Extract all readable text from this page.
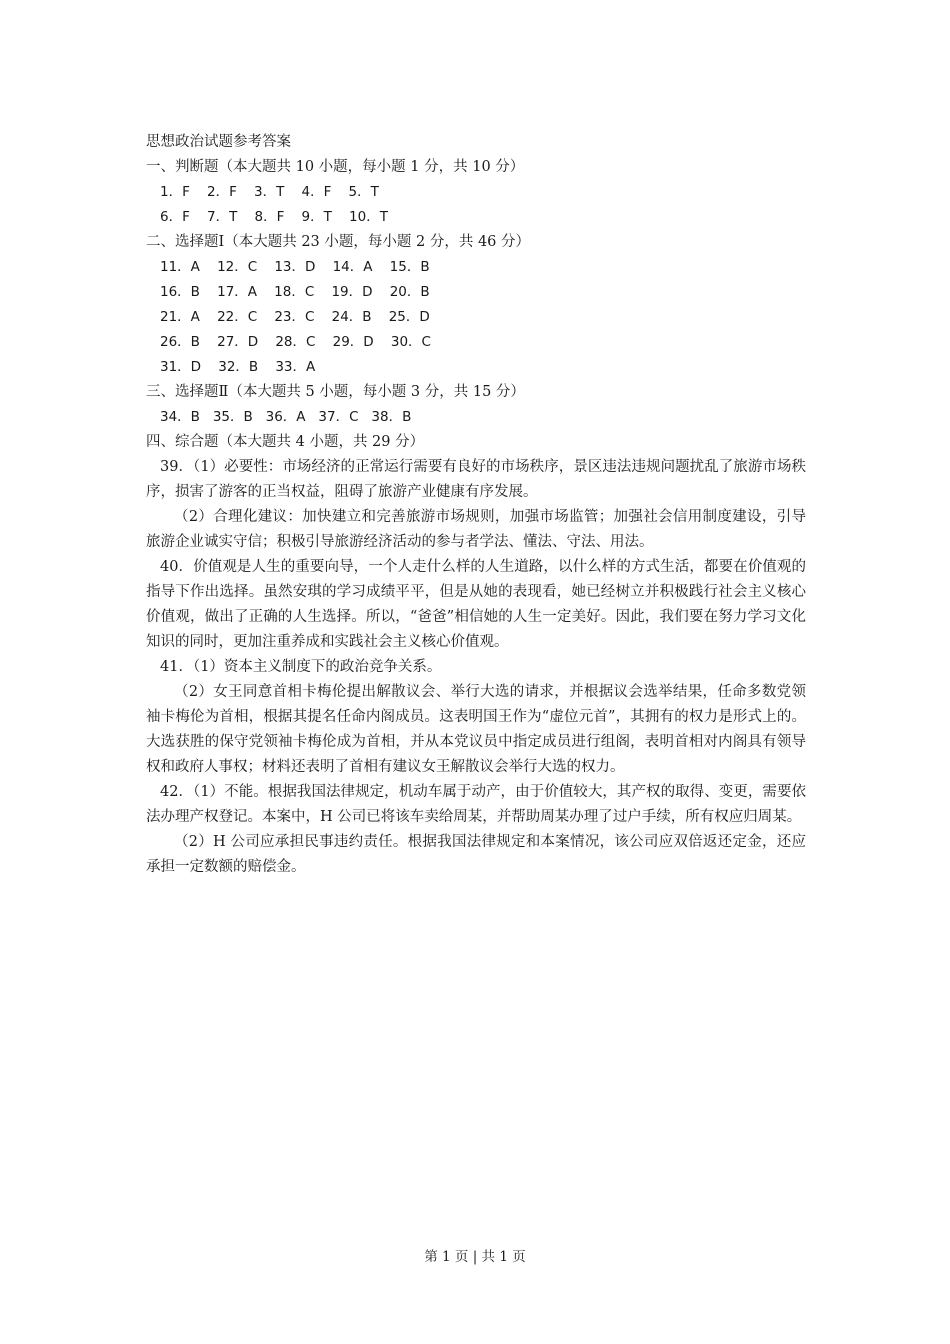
思想政治试题参考答案
一、判断题（本大题共 10 小题，每小题 1 分，共 10 分）
1．F    2．F    3．T    4．F    5．T
6．F    7．T    8．F    9．T    10．T
二、选择题Ⅰ（本大题共 23 小题，每小题 2 分，共 46 分）
11．A    12．C    13．D    14．A    15．B
16．B    17．A    18．C    19．D    20．B
21．A    22．C    23．C    24．B    25．D
26．B    27．D    28．C    29．D    30．C
31．D    32．B    33．A
三、选择题Ⅱ（本大题共 5 小题，每小题 3 分，共 15 分）
34．B   35．B   36．A   37．C   38．B
四、综合题（本大题共 4 小题，共 29 分）

39．（1）必要性：市场经济的正常运行需要有良好的市场秩序，景区违法违规问题扰乱了旅游市场秩序，损害了游客的正当权益，阻碍了旅游产业健康有序发展。

（2）合理化建议：加快建立和完善旅游市场规则，加强市场监管；加强社会信用制度建设，引导旅游企业诚实守信；积极引导旅游经济活动的参与者学法、懂法、守法、用法。

40．价值观是人生的重要向导，一个人走什么样的人生道路，以什么样的方式生活，都要在价值观的指导下作出选择。虽然安琪的学习成绩平平，但是从她的表现看，她已经树立并积极践行社会主义核心价值观，做出了正确的人生选择。所以，“爸爸”相信她的人生一定美好。因此，我们要在努力学习文化知识的同时，更加注重养成和实践社会主义核心价值观。

41．（1）资本主义制度下的政治竞争关系。

（2）女王同意首相卡梅伦提出解散议会、举行大选的请求，并根据议会选举结果，任命多数党领袖卡梅伦为首相，根据其提名任命内阁成员。这表明国王作为“虚位元首”，其拥有的权力是形式上的。大选获胜的保守党领袖卡梅伦成为首相，并从本党议员中指定成员进行组阁，表明首相对内阁具有领导权和政府人事权；材料还表明了首相有建议女王解散议会举行大选的权力。

42．（1）不能。根据我国法律规定，机动车属于动产，由于价值较大，其产权的取得、变更，需要依法办理产权登记。本案中，H 公司已将该车卖给周某，并帮助周某办理了过户手续，所有权应归周某。

（2）H 公司应承担民事违约责任。根据我国法律规定和本案情况，该公司应双倍返还定金，还应承担一定数额的赔偿金。

第 1 页 | 共 1 页
